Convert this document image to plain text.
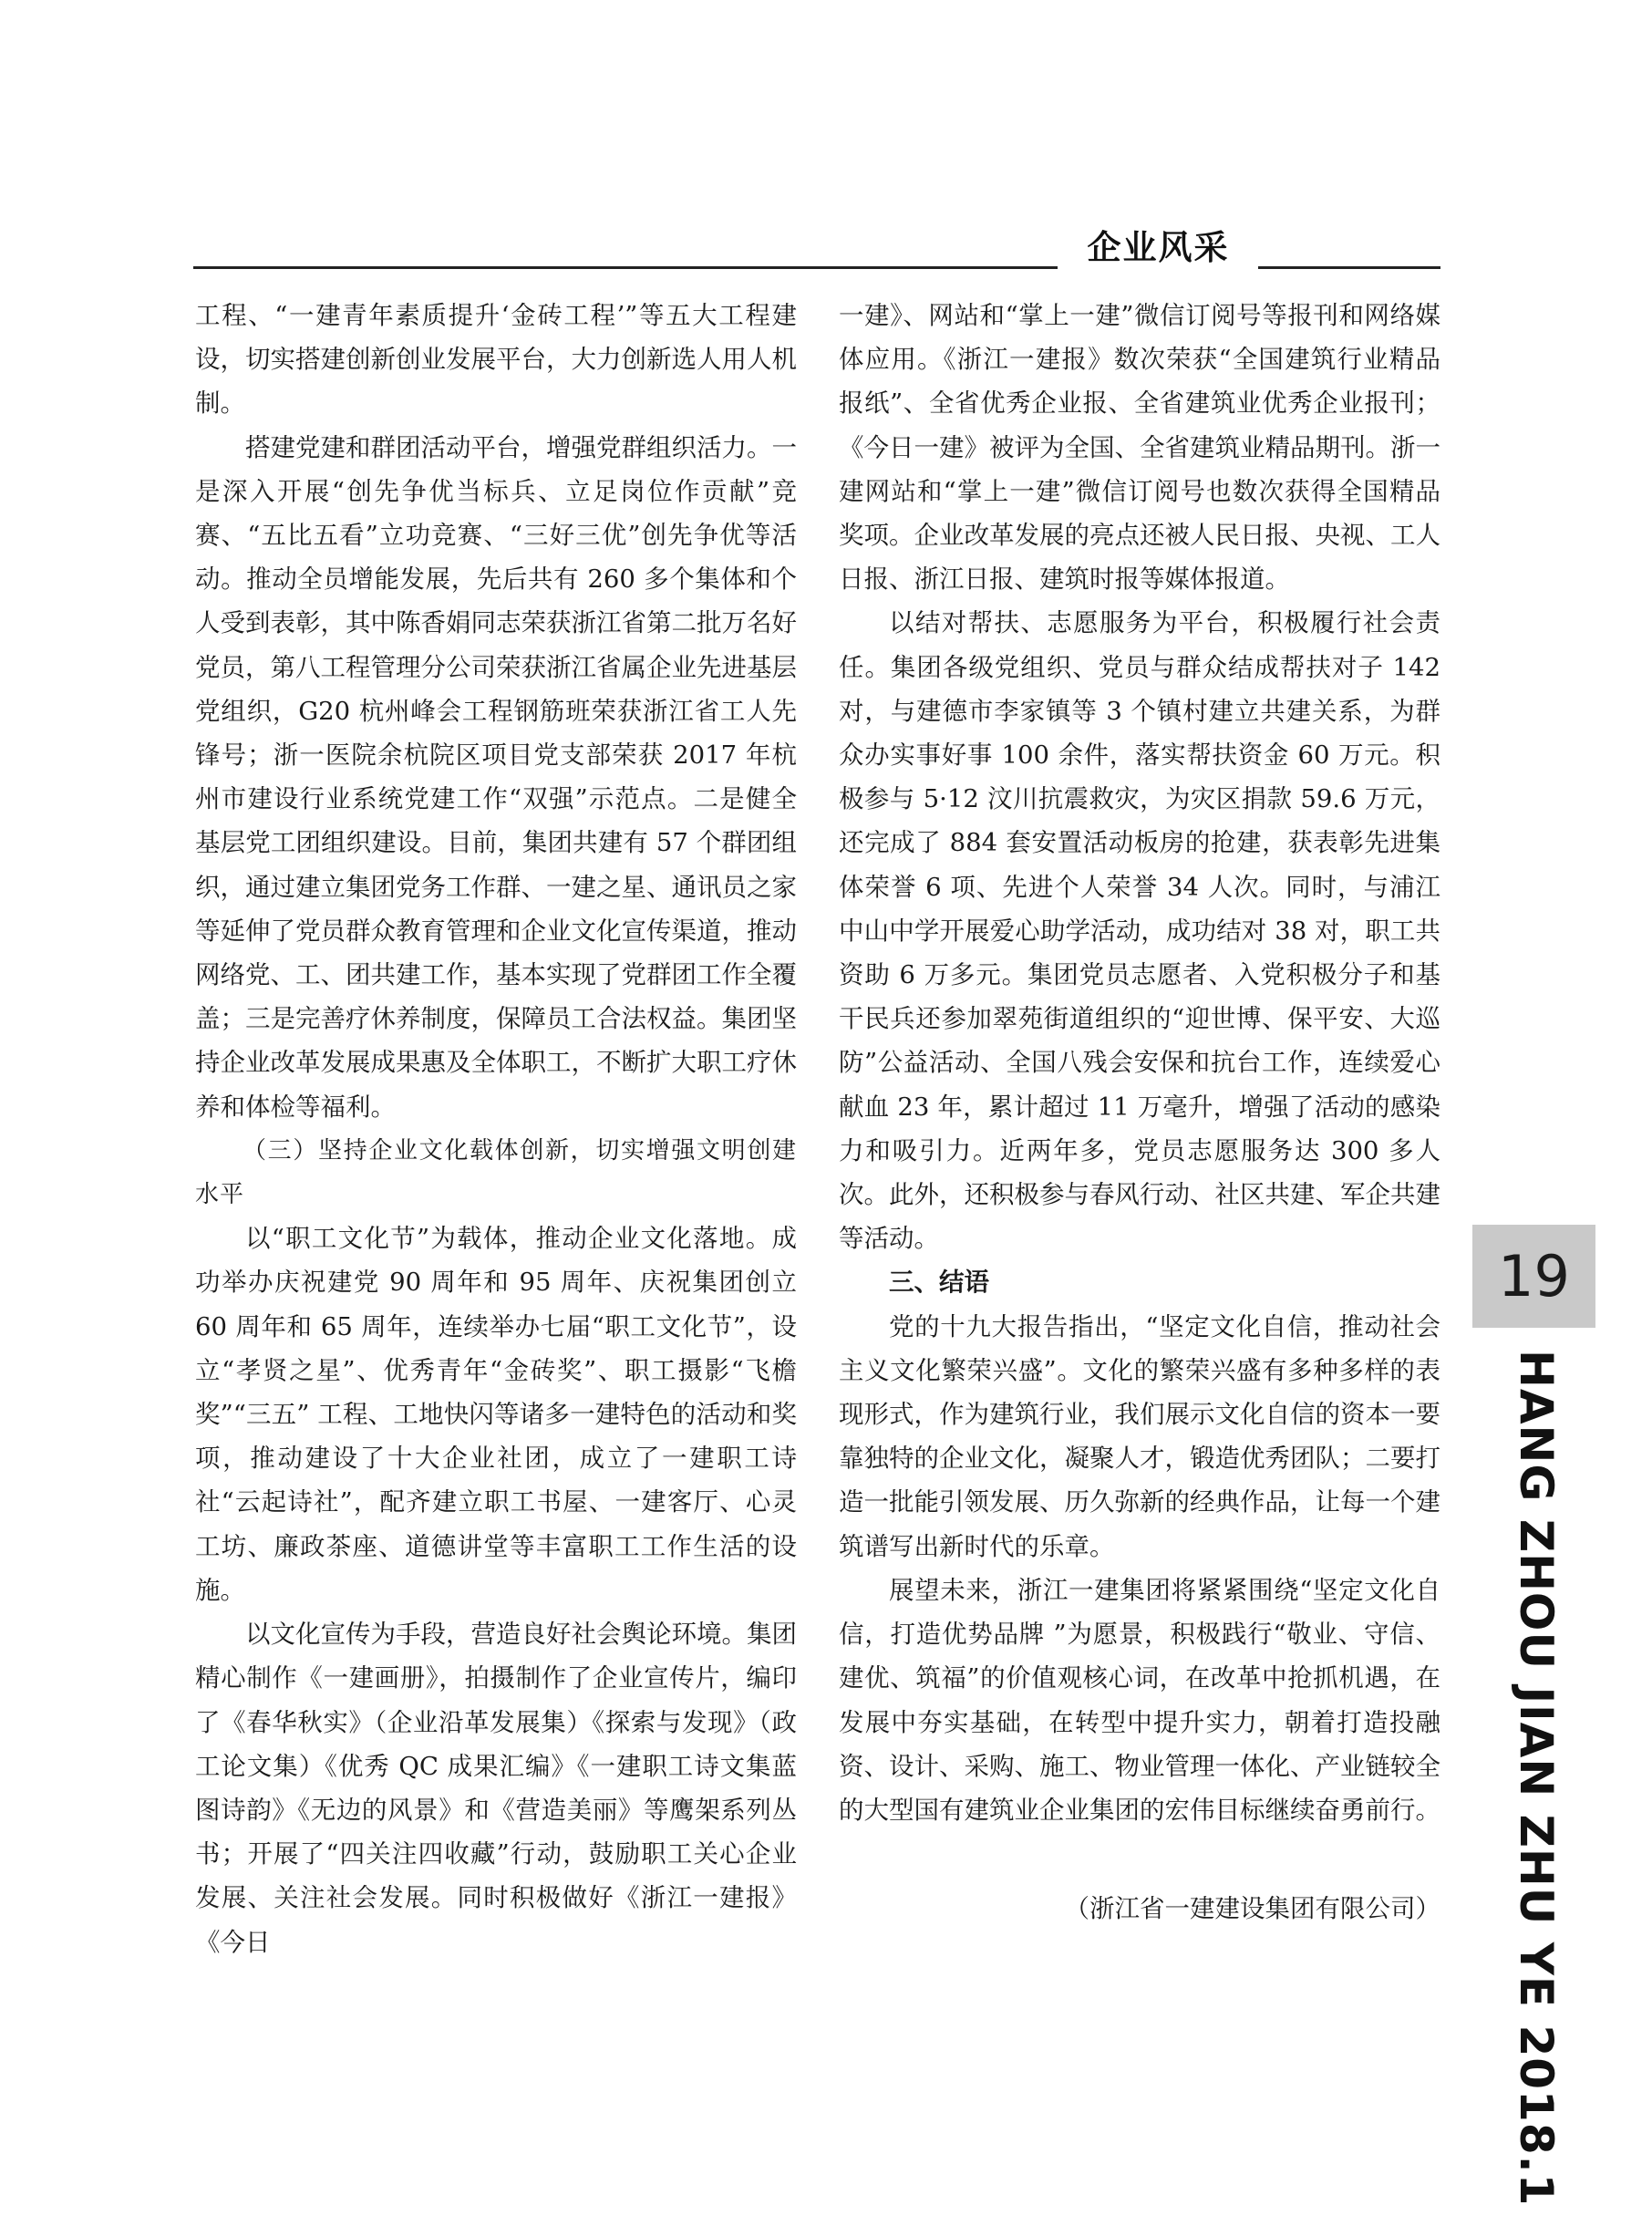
企业风采

工程、“一建青年素质提升‘金砖工程’”等五大工程建设，切实搭建创新创业发展平台，大力创新选人用人机制。

搭建党建和群团活动平台，增强党群组织活力。一是深入开展“创先争优当标兵、立足岗位作贡献”竞赛、“五比五看”立功竞赛、“三好三优”创先争优等活动。推动全员增能发展，先后共有 260 多个集体和个人受到表彰，其中陈香娟同志荣获浙江省第二批万名好党员，第八工程管理分公司荣获浙江省属企业先进基层党组织，G20 杭州峰会工程钢筋班荣获浙江省工人先锋号；浙一医院余杭院区项目党支部荣获 2017 年杭州市建设行业系统党建工作“双强”示范点。二是健全基层党工团组织建设。目前，集团共建有 57 个群团组织，通过建立集团党务工作群、一建之星、通讯员之家等延伸了党员群众教育管理和企业文化宣传渠道，推动网络党、工、团共建工作，基本实现了党群团工作全覆盖；三是完善疗休养制度，保障员工合法权益。集团坚持企业改革发展成果惠及全体职工，不断扩大职工疗休养和体检等福利。

（三）坚持企业文化载体创新，切实增强文明创建水平

以“职工文化节”为载体，推动企业文化落地。成功举办庆祝建党 90 周年和 95 周年、庆祝集团创立 60 周年和 65 周年，连续举办七届“职工文化节”，设立“孝贤之星”、优秀青年“金砖奖”、职工摄影“飞檐奖”“三五” 工程、工地快闪等诸多一建特色的活动和奖项，推动建设了十大企业社团，成立了一建职工诗社“云起诗社”，配齐建立职工书屋、一建客厅、心灵工坊、廉政茶座、道德讲堂等丰富职工工作生活的设施。

以文化宣传为手段，营造良好社会舆论环境。集团精心制作《一建画册》，拍摄制作了企业宣传片，编印了《春华秋实》（企业沿革发展集）《探索与发现》（政工论文集）《优秀 QC 成果汇编》《一建职工诗文集蓝图诗韵》《无边的风景》和《营造美丽》等鹰架系列丛书；开展了“四关注四收藏”行动，鼓励职工关心企业发展、关注社会发展。同时积极做好《浙江一建报》《今日

一建》、网站和“掌上一建”微信订阅号等报刊和网络媒体应用。《浙江一建报》数次荣获“全国建筑行业精品报纸”、全省优秀企业报、全省建筑业优秀企业报刊；《今日一建》被评为全国、全省建筑业精品期刊。浙一建网站和“掌上一建”微信订阅号也数次获得全国精品奖项。企业改革发展的亮点还被人民日报、央视、工人日报、浙江日报、建筑时报等媒体报道。

以结对帮扶、志愿服务为平台，积极履行社会责任。集团各级党组织、党员与群众结成帮扶对子 142 对，与建德市李家镇等 3 个镇村建立共建关系，为群众办实事好事 100 余件，落实帮扶资金 60 万元。积极参与 5·12 汶川抗震救灾，为灾区捐款 59.6 万元，还完成了 884 套安置活动板房的抢建，获表彰先进集体荣誉 6 项、先进个人荣誉 34 人次。同时，与浦江中山中学开展爱心助学活动，成功结对 38 对，职工共资助 6 万多元。集团党员志愿者、入党积极分子和基干民兵还参加翠苑街道组织的“迎世博、保平安、大巡防”公益活动、全国八残会安保和抗台工作，连续爱心献血 23 年，累计超过 11 万毫升，增强了活动的感染力和吸引力。近两年多，党员志愿服务达 300 多人次。此外，还积极参与春风行动、社区共建、军企共建等活动。

三、结语

党的十九大报告指出，“坚定文化自信，推动社会主义文化繁荣兴盛”。文化的繁荣兴盛有多种多样的表现形式，作为建筑行业，我们展示文化自信的资本一要靠独特的企业文化，凝聚人才，锻造优秀团队；二要打造一批能引领发展、历久弥新的经典作品，让每一个建筑谱写出新时代的乐章。

展望未来，浙江一建集团将紧紧围绕“坚定文化自信，打造优势品牌 ”为愿景，积极践行“敬业、守信、建优、筑福”的价值观核心词，在改革中抢抓机遇，在发展中夯实基础，在转型中提升实力，朝着打造投融资、设计、采购、施工、物业管理一体化、产业链较全的大型国有建筑业企业集团的宏伟目标继续奋勇前行。

（浙江省一建建设集团有限公司）

19
HANG ZHOU JIAN ZHU YE 2018.1
